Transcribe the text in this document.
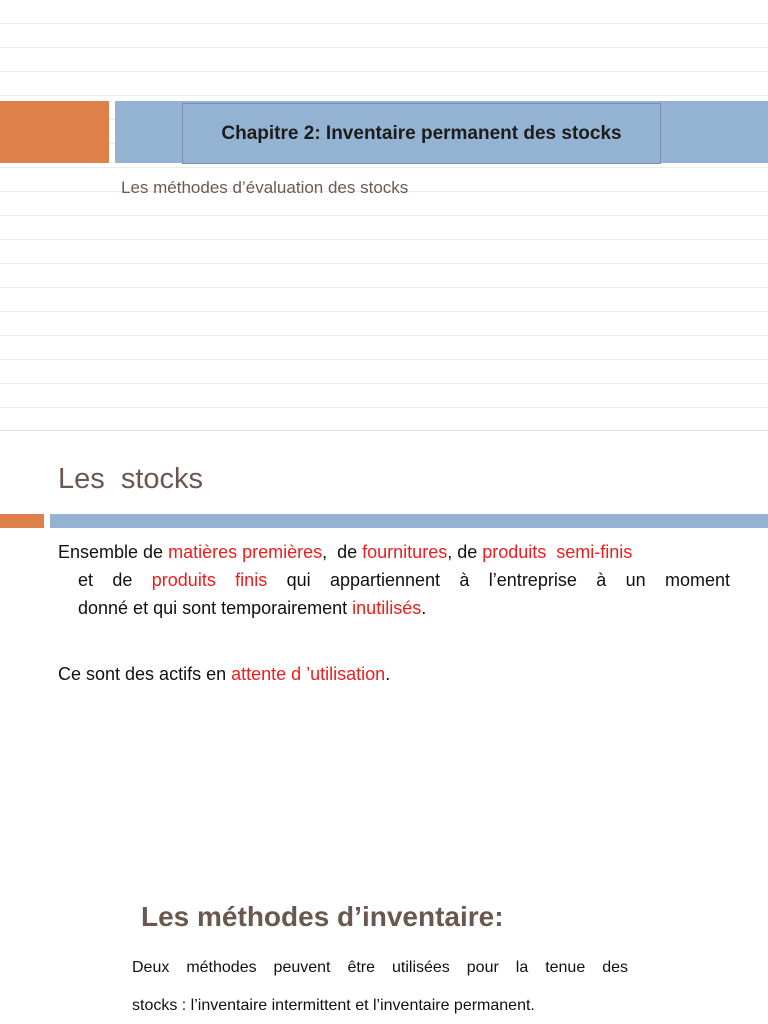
Chapitre 2: Inventaire permanent des stocks
Les méthodes d’évaluation des stocks
Les  stocks
Ensemble de matières premières,  de fournitures, de produits  semi-finis
et de produits finis qui appartiennent à l’entreprise à un moment
donné et qui sont temporairement inutilisés.
Ce sont des actifs en attente d ’utilisation.
Les méthodes d’inventaire:
Deux méthodes peuvent être utilisées pour la tenue des
stocks : l’inventaire intermittent et l’inventaire permanent.
